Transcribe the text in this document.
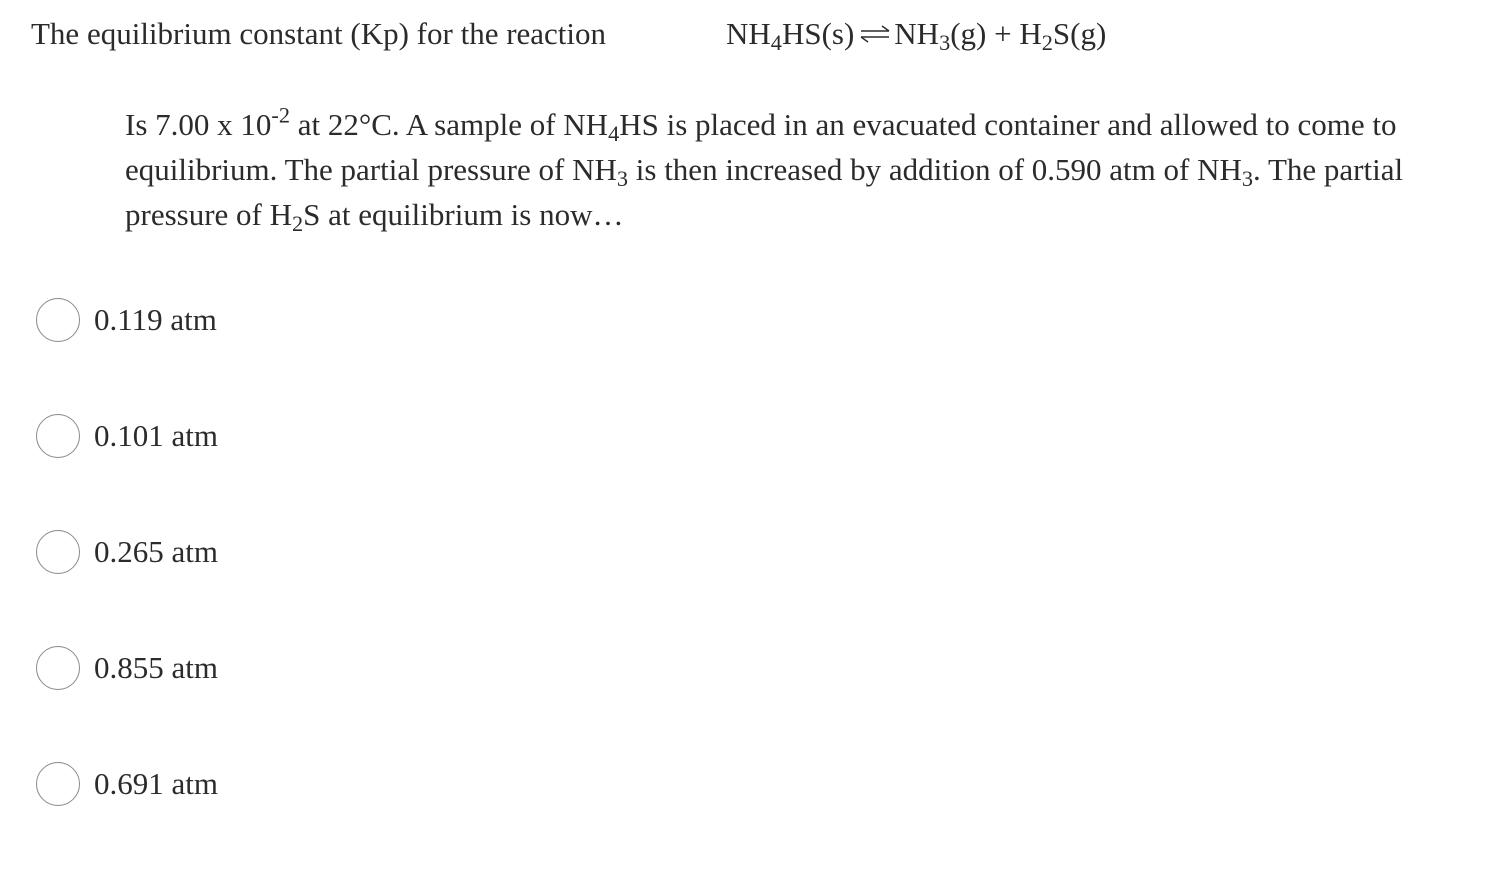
The equilibrium constant (Kp) for the reaction	$NH_4HS(s)$ ⇌ $NH_3(g) + H_2S(g)$
Is 7.00 x $10^{-2}$ at 22°C. A sample of $NH_4HS$ is placed in an evacuated container and allowed to come to equilibrium. The partial pressure of $NH_3$ is then increased by addition of 0.590 atm of $NH_3$. The partial pressure of $H_2S$ at equilibrium is now…
0.119 atm
0.101 atm
0.265 atm
0.855 atm
0.691 atm
